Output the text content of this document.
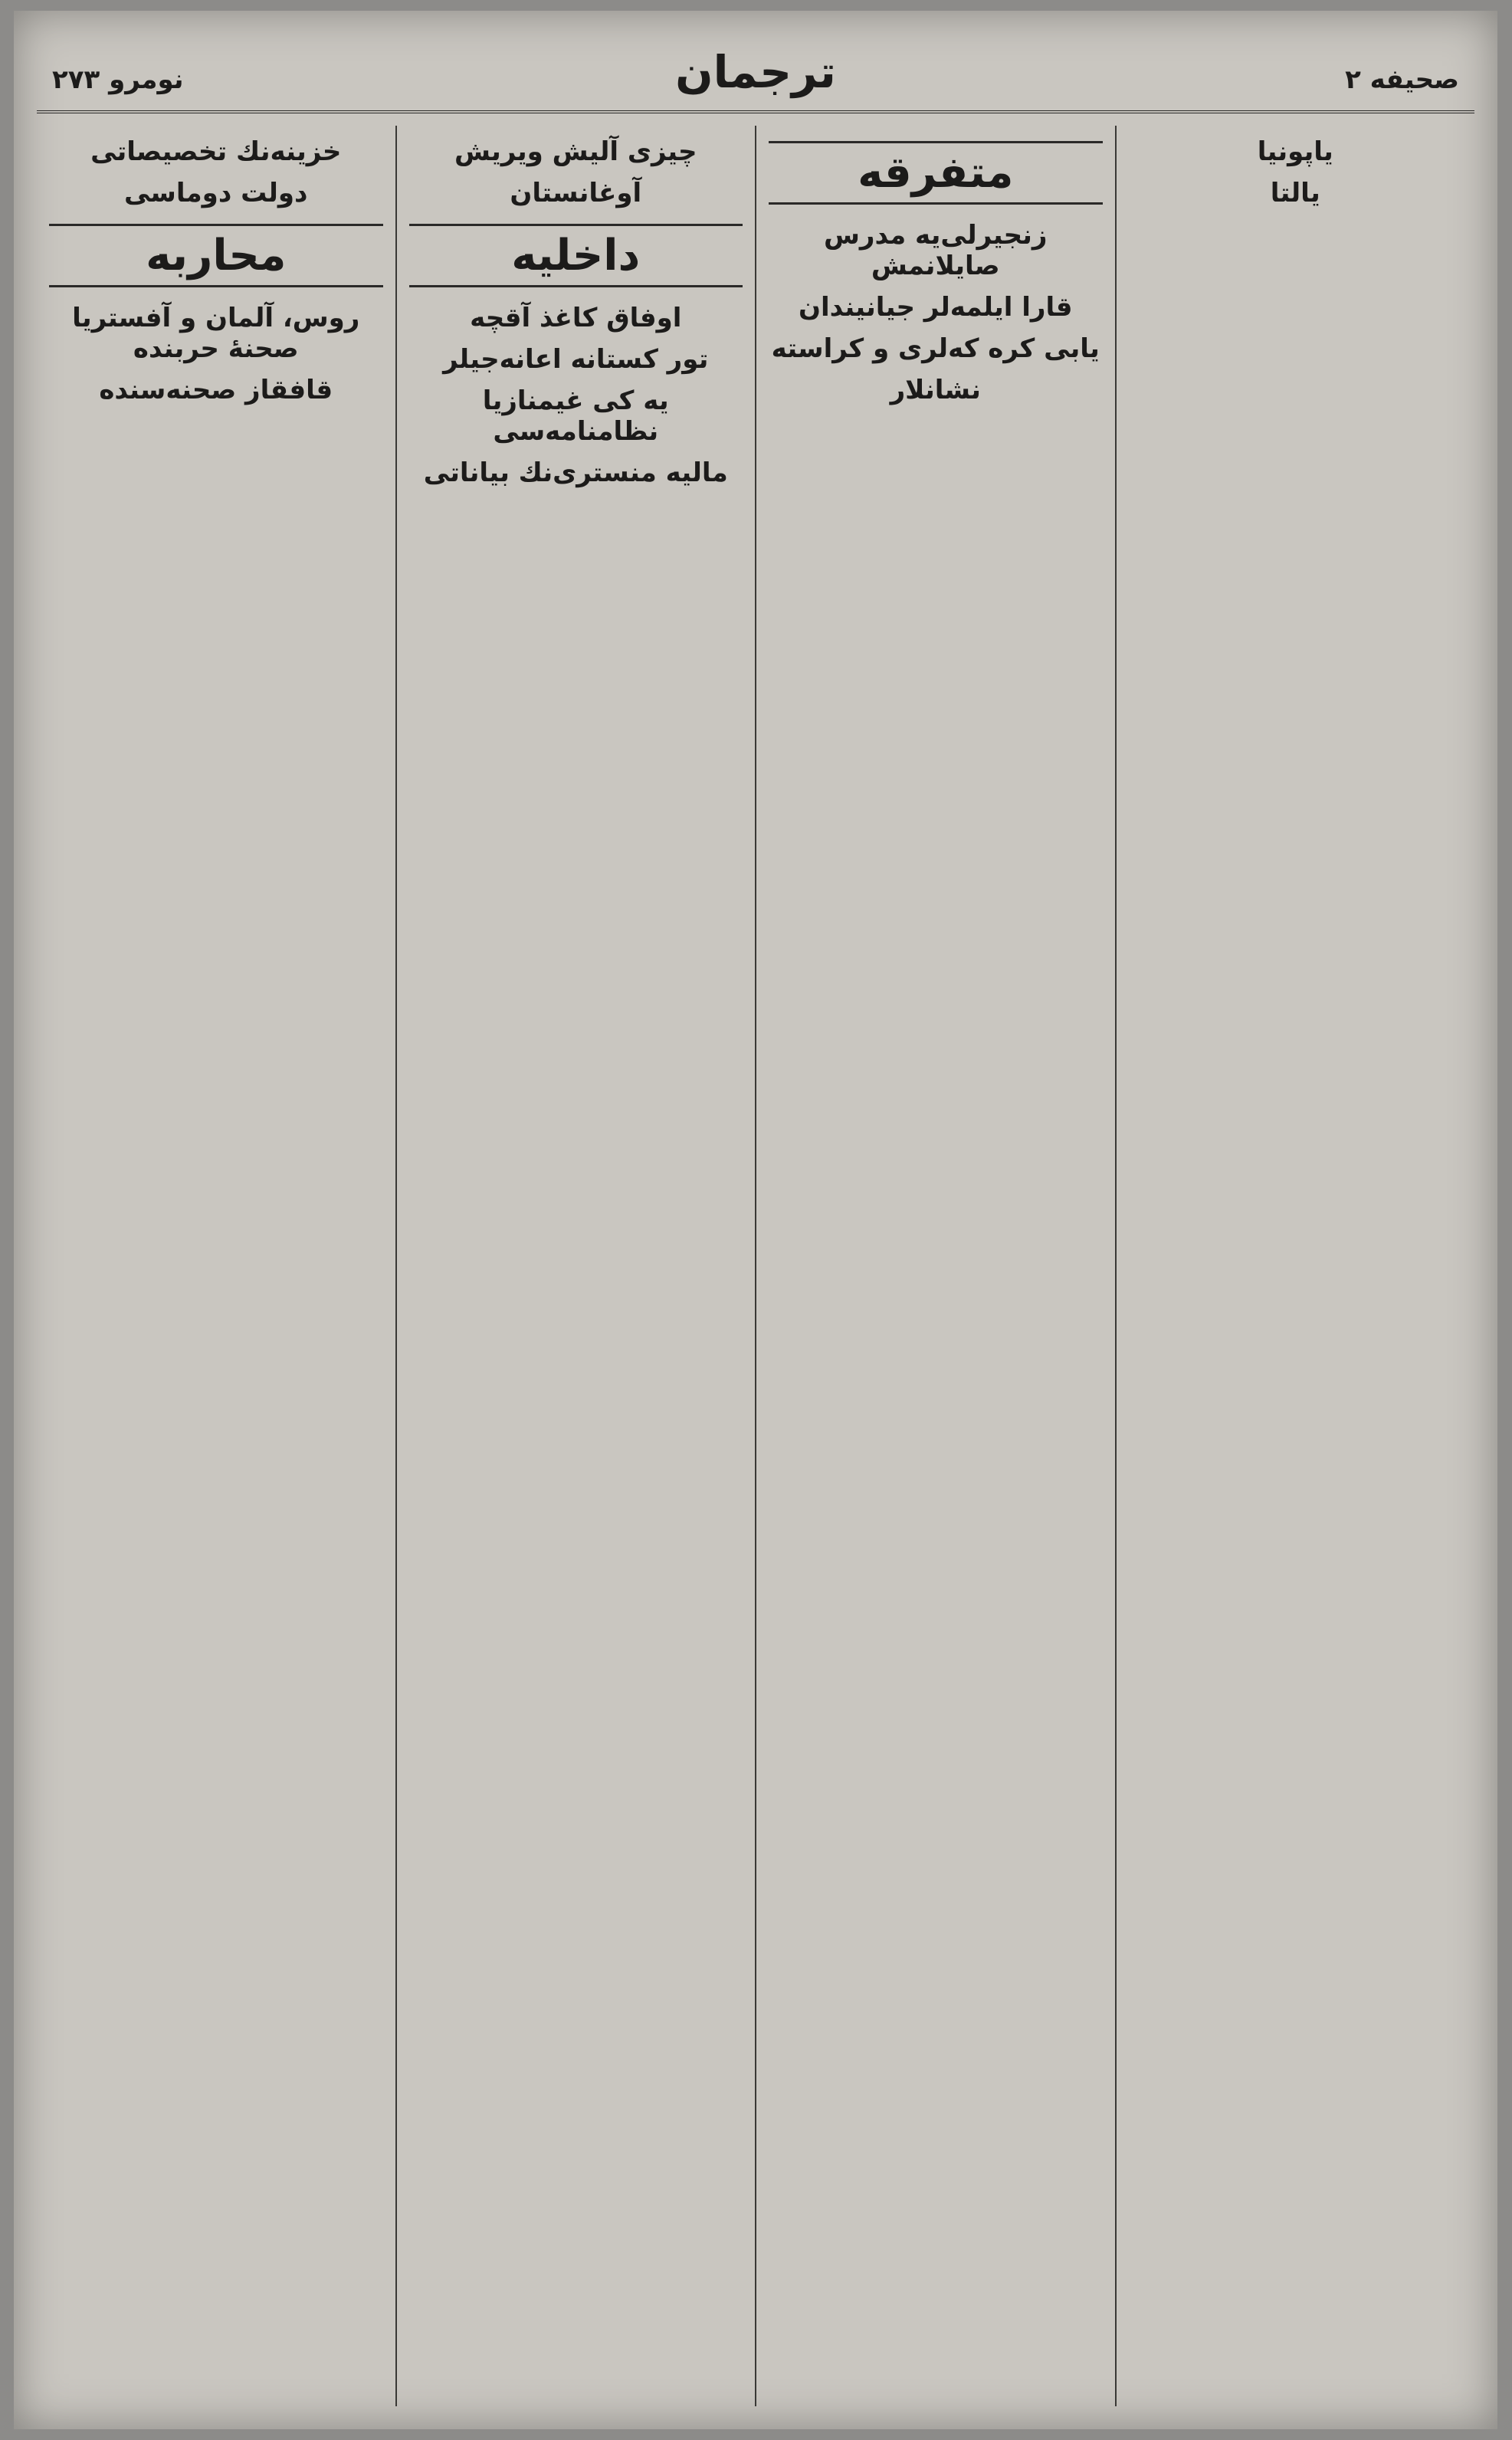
صحیفه ۲
ترجمان
نومرو ۲۷۳
یاپونیا
یالتا
متفرقه
زنجیرلی‌یه مدرس صایلانمش
قارا ایلمه‌لر جیانیندان
یابی کره که‌لری و کراسته
نشانلار
چیزی آلیش ویریش
آوغانستان
داخلیه
اوفاق کاغذ آقچه
تور کستانه اعانه‌جیلر
یه کی غیمنازیا نظامنامه‌سی
مالیه منستری‌نك بیاناتی
خزینه‌نك تخصیصاتی
دولت دوماسی
محاربه
روس، آلمان و آفستریا صحنهٔ حربنده
قافقاز صحنه‌سنده
